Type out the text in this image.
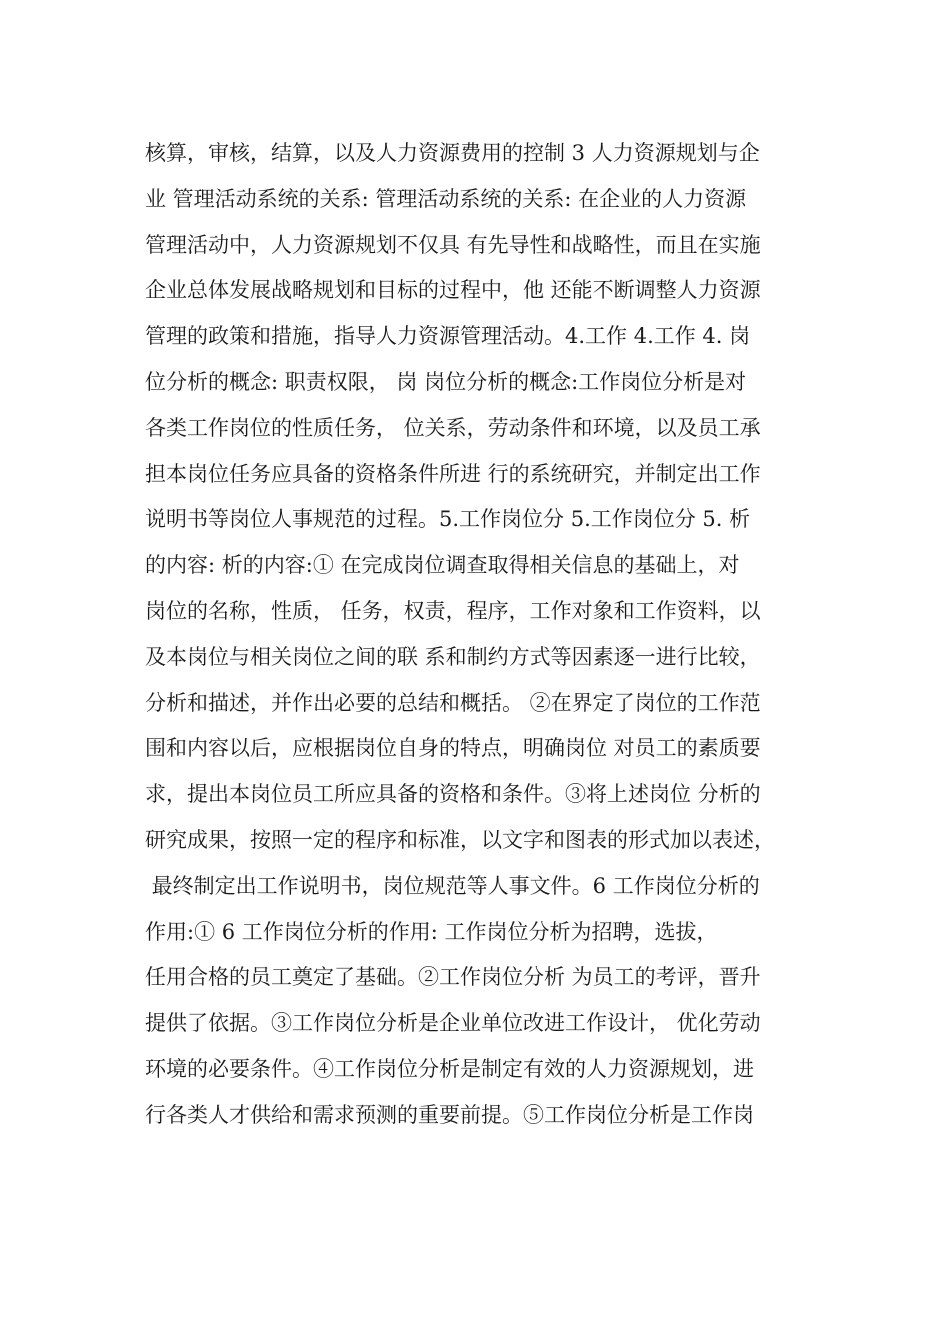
核算，审核，结算，以及人力资源费用的控制 3 人力资源规划与企
业 管理活动系统的关系: 管理活动系统的关系: 在企业的人力资源
管理活动中，人力资源规划不仅具 有先导性和战略性，而且在实施
企业总体发展战略规划和目标的过程中，他 还能不断调整人力资源
管理的政策和措施，指导人力资源管理活动。4.工作 4.工作 4. 岗
位分析的概念: 职责权限， 岗 岗位分析的概念:工作岗位分析是对
各类工作岗位的性质任务， 位关系，劳动条件和环境，以及员工承
担本岗位任务应具备的资格条件所进 行的系统研究，并制定出工作
说明书等岗位人事规范的过程。5.工作岗位分 5.工作岗位分 5. 析
的内容: 析的内容:① 在完成岗位调查取得相关信息的基础上，对
岗位的名称，性质， 任务，权责，程序，工作对象和工作资料，以
及本岗位与相关岗位之间的联 系和制约方式等因素逐一进行比较，
分析和描述，并作出必要的总结和概括。 ②在界定了岗位的工作范
围和内容以后，应根据岗位自身的特点，明确岗位 对员工的素质要
求，提出本岗位员工所应具备的资格和条件。③将上述岗位 分析的
研究成果，按照一定的程序和标准，以文字和图表的形式加以表述，
最终制定出工作说明书，岗位规范等人事文件。6 工作岗位分析的
作用:① 6 工作岗位分析的作用: 工作岗位分析为招聘，选拔，
任用合格的员工奠定了基础。②工作岗位分析 为员工的考评，晋升
提供了依据。③工作岗位分析是企业单位改进工作设计， 优化劳动
环境的必要条件。④工作岗位分析是制定有效的人力资源规划，进
行各类人才供给和需求预测的重要前提。⑤工作岗位分析是工作岗
